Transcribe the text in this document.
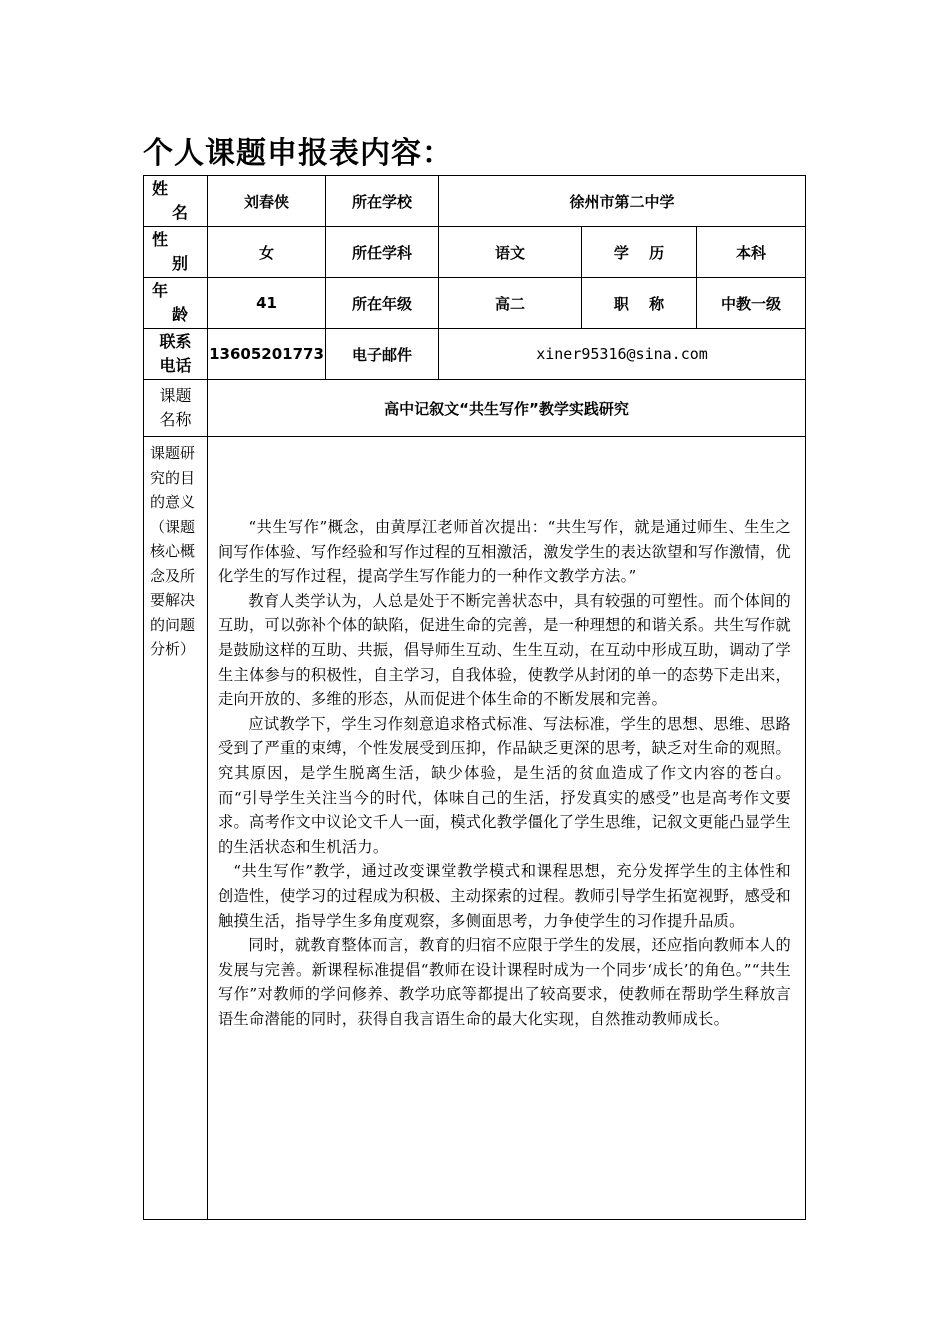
个人课题申报表内容：
姓
名	刘春侠	所在学校	徐州市第二中学		

性
别	女	所任学科	语文	学　 历	本科

年
龄	41	所在年级	高二	职　 称	中教一级

联系
电话	13605201773	电子邮件	xiner95316@sina.com		

课题
名称	高中记叙文“共生写作”教学实践研究				
课题研究的目的意义（课题核心概念及所要解决的问题分析）	“共生写作”概念，由黄厚江老师首次提出：“共生写作，就是通过师生、生生之间写作体验、写作经验和写作过程的互相激活，激发学生的表达欲望和写作激情，优化学生的写作过程，提高学生写作能力的一种作文教学方法。”

教育人类学认为，人总是处于不断完善状态中，具有较强的可塑性。而个体间的互助，可以弥补个体的缺陷，促进生命的完善，是一种理想的和谐关系。共生写作就是鼓励这样的互助、共振，倡导师生互动、生生互动，在互动中形成互助，调动了学生主体参与的积极性，自主学习，自我体验，使教学从封闭的单一的态势下走出来，走向开放的、多维的形态，从而促进个体生命的不断发展和完善。

应试教学下，学生习作刻意追求格式标准、写法标准，学生的思想、思维、思路受到了严重的束缚，个性发展受到压抑，作品缺乏更深的思考，缺乏对生命的观照。究其原因，是学生脱离生活，缺少体验，是生活的贫血造成了作文内容的苍白。而“引导学生关注当今的时代，体味自己的生活，抒发真实的感受”也是高考作文要求。高考作文中议论文千人一面，模式化教学僵化了学生思维，记叙文更能凸显学生的生活状态和生机活力。

“共生写作”教学，通过改变课堂教学模式和课程思想，充分发挥学生的主体性和创造性，使学习的过程成为积极、主动探索的过程。教师引导学生拓宽视野，感受和触摸生活，指导学生多角度观察，多侧面思考，力争使学生的习作提升品质。

同时，就教育整体而言，教育的归宿不应限于学生的发展，还应指向教师本人的发展与完善。新课程标准提倡“教师在设计课程时成为一个同步‘成长’的角色。”“共生写作”对教师的学问修养、教学功底等都提出了较高要求，使教师在帮助学生释放言语生命潜能的同时，获得自我言语生命的最大化实现，自然推动教师成长。				
